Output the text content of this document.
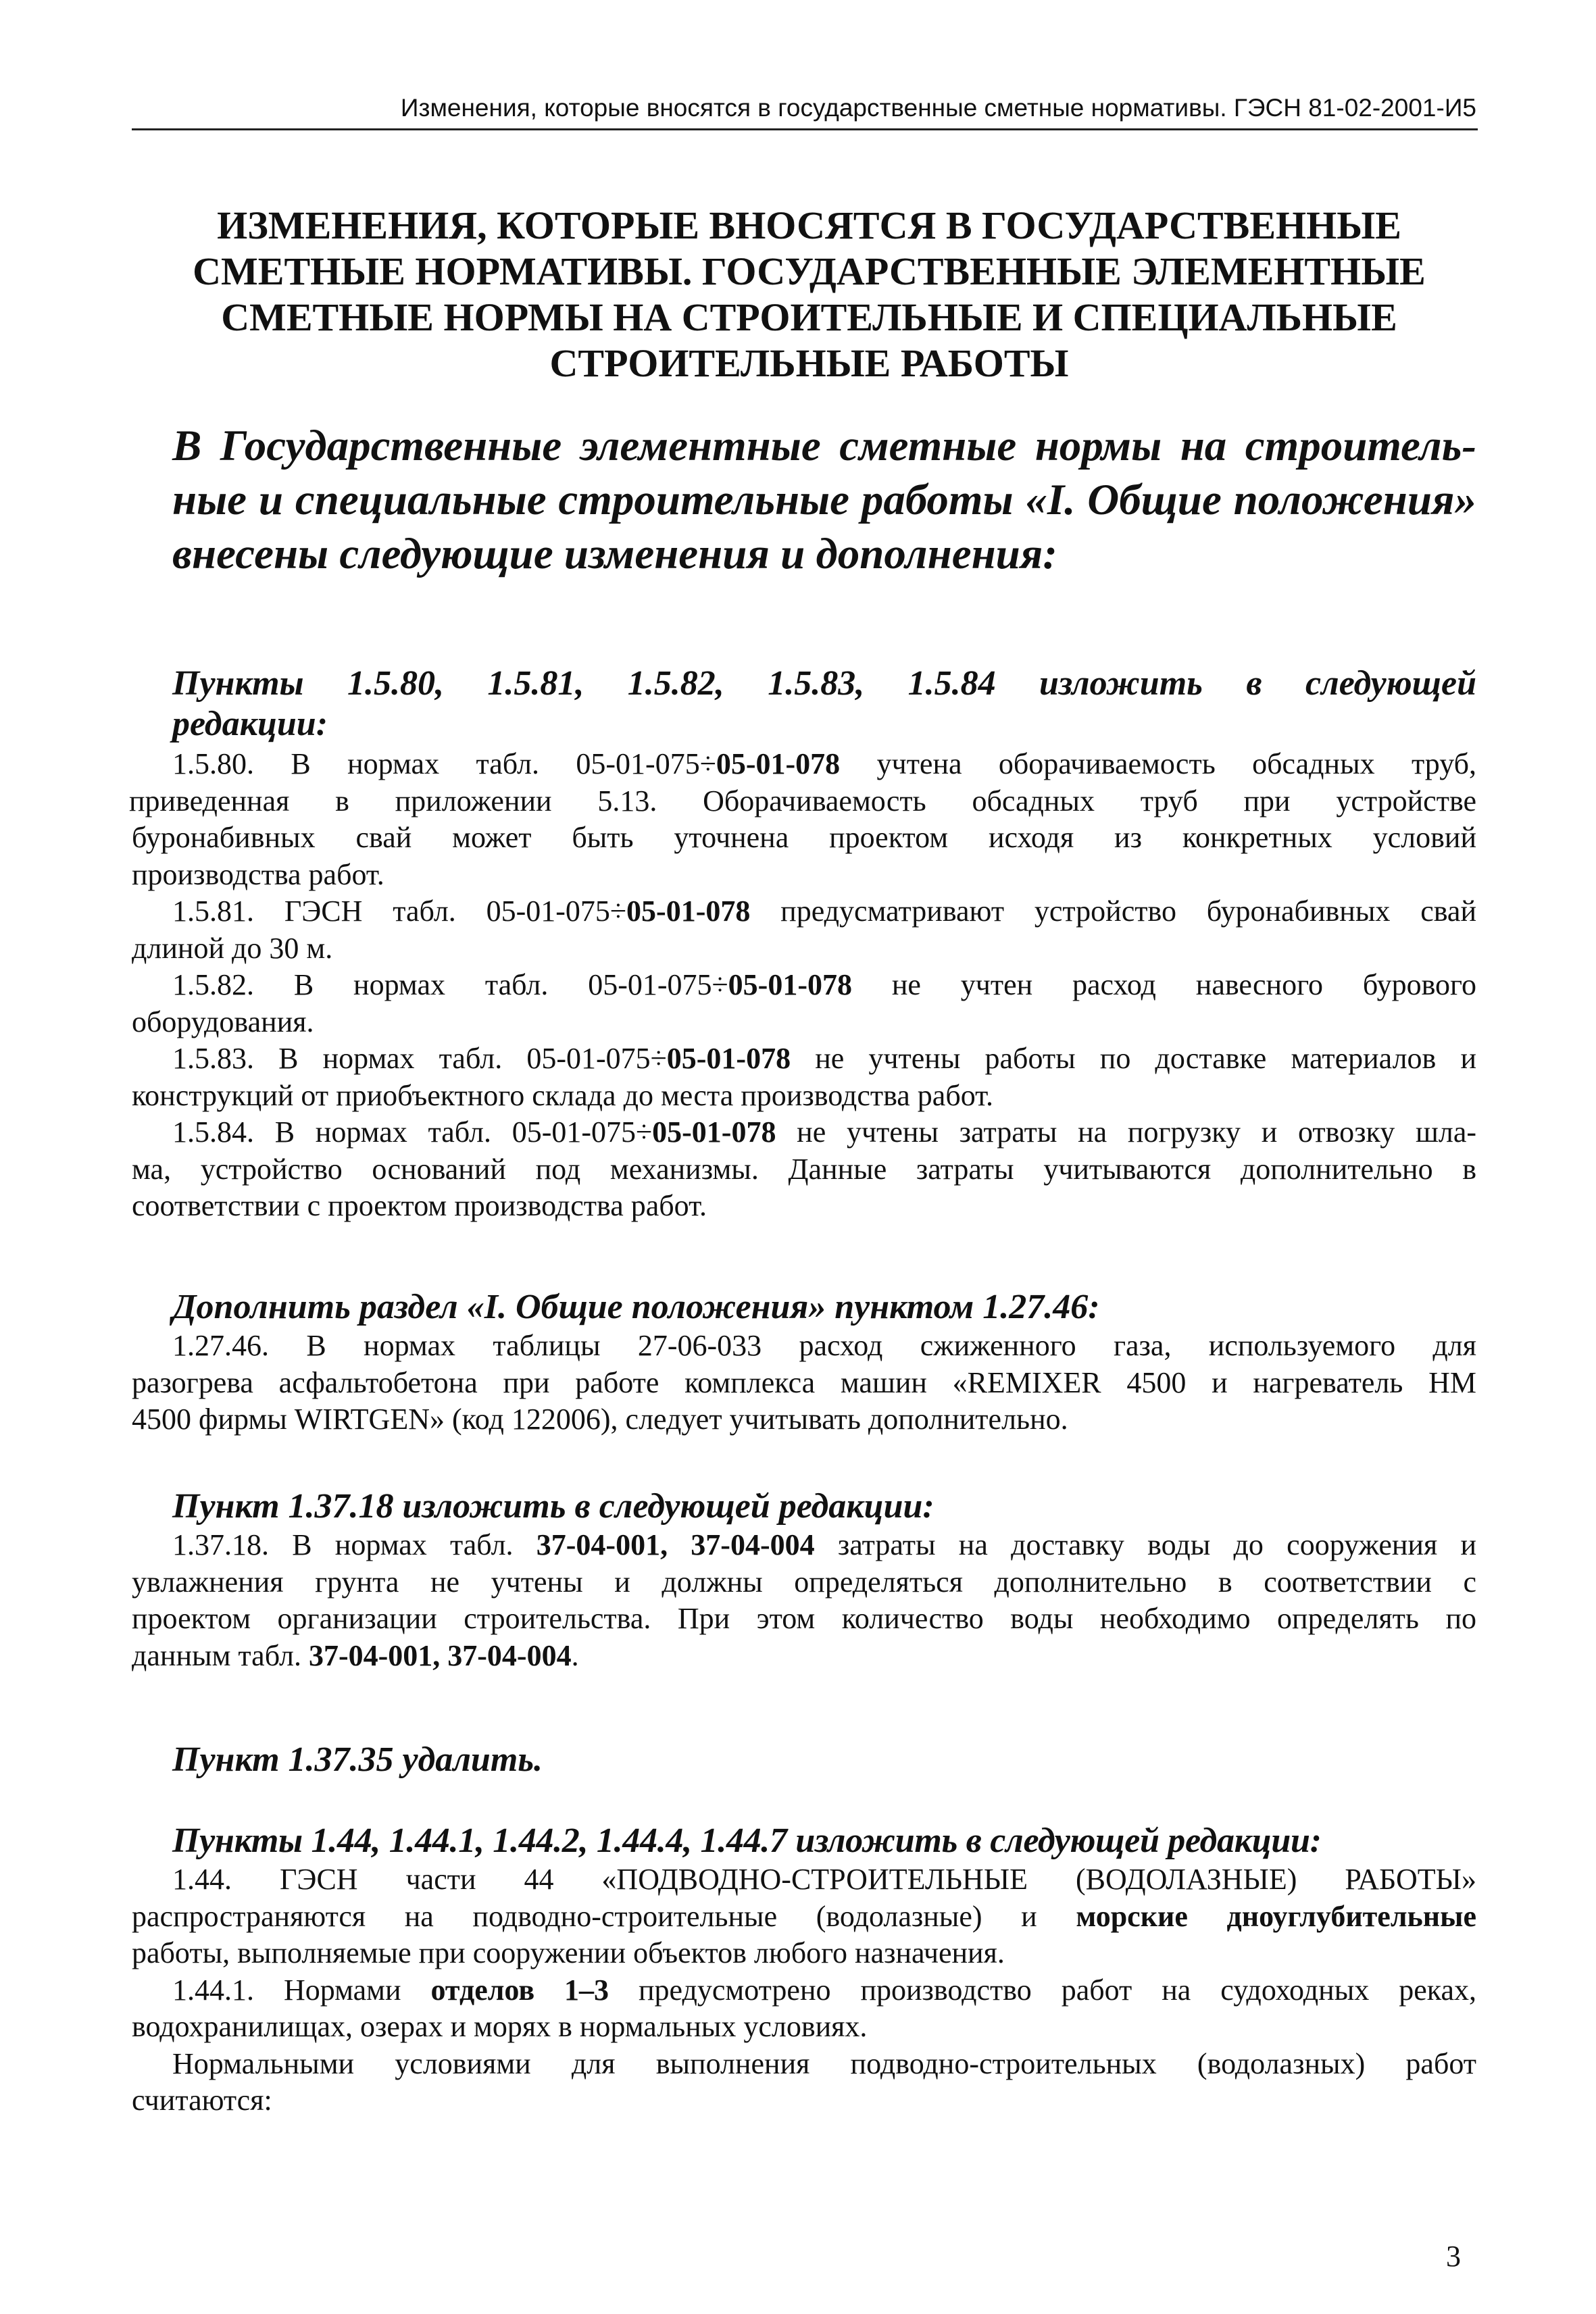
Изменения, которые вносятся в государственные сметные нормативы. ГЭСН 81-02-2001-И5
ИЗМЕНЕНИЯ, КОТОРЫЕ ВНОСЯТСЯ В ГОСУДАРСТВЕННЫЕ
СМЕТНЫЕ НОРМАТИВЫ. ГОСУДАРСТВЕННЫЕ ЭЛЕМЕНТНЫЕ
СМЕТНЫЕ НОРМЫ НА СТРОИТЕЛЬНЫЕ И СПЕЦИАЛЬНЫЕ
СТРОИТЕЛЬНЫЕ РАБОТЫ
В Государственные элементные сметные нормы на строитель-
ные и специальные строительные работы «I. Общие положения»
внесены следующие изменения и дополнения:
Пункты 1.5.80, 1.5.81, 1.5.82, 1.5.83, 1.5.84 изложить в следующей
редакции:
1.5.80. В нормах табл. 05-01-075÷05-01-078 учтена оборачиваемость обсадных труб,
приведенная в приложении 5.13. Оборачиваемость обсадных труб при устройстве
буронабивных свай может быть уточнена проектом исходя из конкретных условий
производства работ.
1.5.81. ГЭСН табл. 05-01-075÷05-01-078 предусматривают устройство буронабивных свай
длиной до 30 м.
1.5.82. В нормах табл. 05-01-075÷05-01-078 не учтен расход навесного бурового
оборудования.
1.5.83. В нормах табл. 05-01-075÷05-01-078 не учтены работы по доставке материалов и
конструкций от приобъектного склада до места производства работ.
1.5.84. В нормах табл. 05-01-075÷05-01-078 не учтены затраты на погрузку и отвозку шла-
ма, устройство оснований под механизмы. Данные затраты учитываются дополнительно в
соответствии с проектом производства работ.
Дополнить раздел «I. Общие положения» пунктом 1.27.46:
1.27.46. В нормах таблицы 27-06-033 расход сжиженного газа, используемого для
разогрева асфальтобетона при работе комплекса машин «REMIXER 4500 и нагреватель НМ
4500 фирмы WIRTGEN» (код 122006), следует учитывать дополнительно.
Пункт 1.37.18 изложить в следующей редакции:
1.37.18. В нормах табл. 37-04-001, 37-04-004 затраты на доставку воды до сооружения и
увлажнения грунта не учтены и должны определяться дополнительно в соответствии с
проектом организации строительства. При этом количество воды необходимо определять по
данным табл. 37-04-001, 37-04-004.
Пункт 1.37.35 удалить.
Пункты 1.44, 1.44.1, 1.44.2, 1.44.4, 1.44.7 изложить в следующей редакции:
1.44. ГЭСН части 44 «ПОДВОДНО-СТРОИТЕЛЬНЫЕ (ВОДОЛАЗНЫЕ) РАБОТЫ»
распространяются на подводно-строительные (водолазные) и морские дноуглубительные
работы, выполняемые при сооружении объектов любого назначения.
1.44.1. Нормами отделов 1–3 предусмотрено производство работ на судоходных реках,
водохранилищах, озерах и морях в нормальных условиях.
Нормальными условиями для выполнения подводно-строительных (водолазных) работ
считаются:
3
